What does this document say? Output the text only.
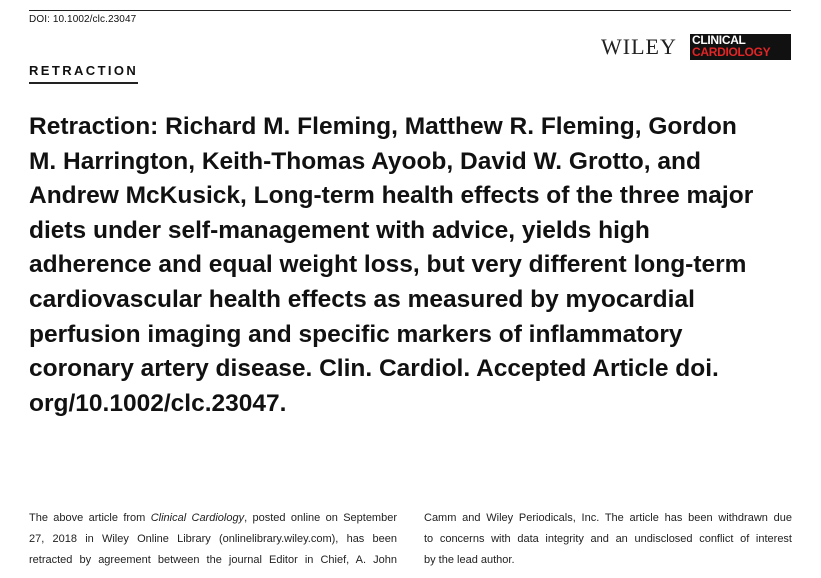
DOI: 10.1002/clc.23047
WILEY CLINICAL
CARDIOLOGY
RETRACTION
Retraction: Richard M. Fleming, Matthew R. Fleming, Gordon
M. Harrington, Keith-Thomas Ayoob, David W. Grotto, and
Andrew McKusick, Long-term health effects of the three major
diets under self-management with advice, yields high
adherence and equal weight loss, but very different long-term
cardiovascular health effects as measured by myocardial
perfusion imaging and specific markers of inflammatory
coronary artery disease. Clin. Cardiol. Accepted Article doi.
org/10.1002/clc.23047.
The above article from Clinical Cardiology, posted online on September
27, 2018 in Wiley Online Library (onlinelibrary.wiley.com), has been
retracted by agreement between the journal Editor in Chief, A. John
Camm and Wiley Periodicals, Inc. The article has been withdrawn due
to concerns with data integrity and an undisclosed conflict of interest
by the lead author.
